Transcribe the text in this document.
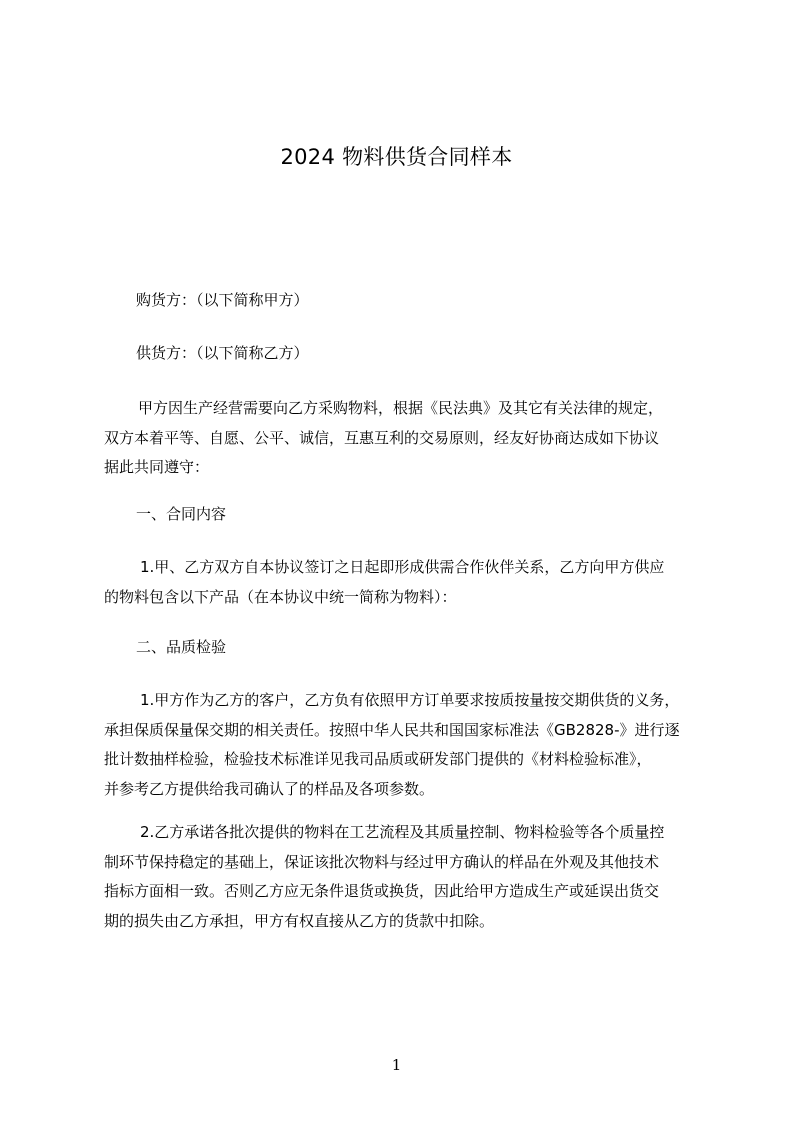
2024 物料供货合同样本

购货方：（以下简称甲方）

供货方：（以下简称乙方）

甲方因生产经营需要向乙方采购物料，根据《民法典》及其它有关法律的规定，
双方本着平等、自愿、公平、诚信，互惠互利的交易原则，经友好协商达成如下协议
据此共同遵守：

一、合同内容

1.甲、乙方双方自本协议签订之日起即形成供需合作伙伴关系，乙方向甲方供应
的物料包含以下产品（在本协议中统一简称为物料）：

二、品质检验

1.甲方作为乙方的客户，乙方负有依照甲方订单要求按质按量按交期供货的义务，
承担保质保量保交期的相关责任。按照中华人民共和国国家标准法《GB2828-》进行逐
批计数抽样检验，检验技术标准详见我司品质或研发部门提供的《材料检验标准》，
并参考乙方提供给我司确认了的样品及各项参数。

2.乙方承诺各批次提供的物料在工艺流程及其质量控制、物料检验等各个质量控
制环节保持稳定的基础上，保证该批次物料与经过甲方确认的样品在外观及其他技术
指标方面相一致。否则乙方应无条件退货或换货，因此给甲方造成生产或延误出货交
期的损失由乙方承担，甲方有权直接从乙方的货款中扣除。

1
